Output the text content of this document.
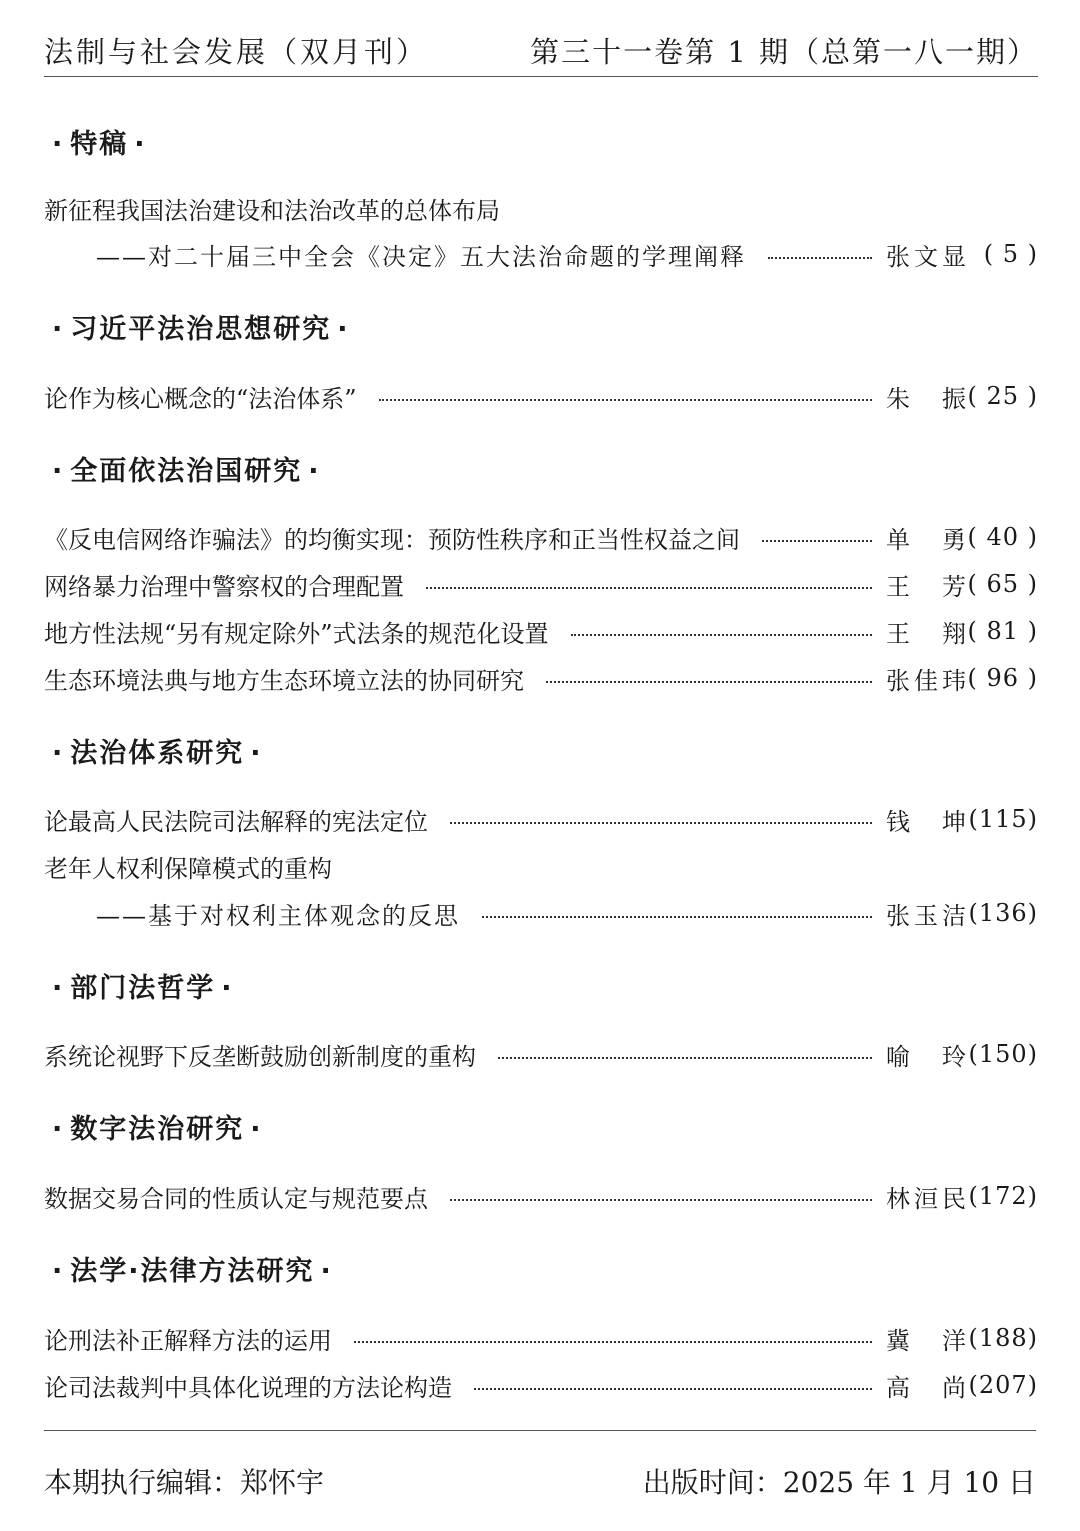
法制与社会发展（双月刊）	第三十一卷第 1 期（总第一八一期）
· 特稿 ·
新征程我国法治建设和法治改革的总体布局
——对二十届三中全会《决定》五大法治命题的学理阐释	张文显 ( 5 )
· 习近平法治思想研究 ·
论作为核心概念的“法治体系”	朱 振 ( 25 )
· 全面依法治国研究 ·
《反电信网络诈骗法》的均衡实现：预防性秩序和正当性权益之间	单 勇 ( 40 )
网络暴力治理中警察权的合理配置	王 芳 ( 65 )
地方性法规“另有规定除外”式法条的规范化设置	王 翔 ( 81 )
生态环境法典与地方生态环境立法的协同研究	张佳玮 ( 96 )
· 法治体系研究 ·
论最高人民法院司法解释的宪法定位	钱 坤 (115)
老年人权利保障模式的重构
——基于对权利主体观念的反思	张玉洁 (136)
· 部门法哲学 ·
系统论视野下反垄断鼓励创新制度的重构	喻 玲 (150)
· 数字法治研究 ·
数据交易合同的性质认定与规范要点	林洹民 (172)
· 法学·法律方法研究 ·
论刑法补正解释方法的运用	冀 洋 (188)
论司法裁判中具体化说理的方法论构造	高 尚 (207)
本期执行编辑：郑怀宇	出版时间：2025 年 1 月 10 日
